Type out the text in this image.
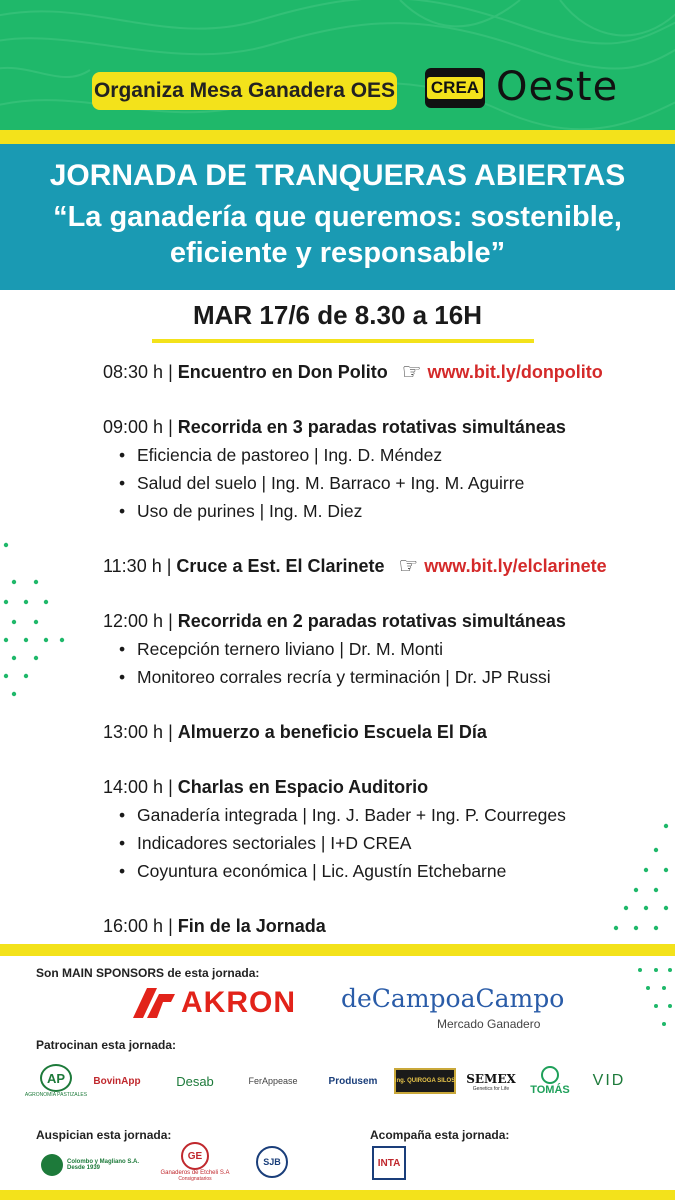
Organiza Mesa Ganadera OES CREA Oeste
JORNADA DE TRANQUERAS ABIERTAS
“La ganadería que queremos: sostenible,
eficiente y responsable”
MAR 17/6 de 8.30 a 16H
08:30 h | Encuentro en Don Polito ☞ www.bit.ly/donpolito
09:00 h | Recorrida en 3 paradas rotativas simultáneas
• Eficiencia de pastoreo | Ing. D. Méndez
• Salud del suelo | Ing. M. Barraco + Ing. M. Aguirre
• Uso de purines | Ing. M. Diez
11:30 h | Cruce a Est. El Clarinete ☞ www.bit.ly/elclarinete
12:00 h | Recorrida en 2 paradas rotativas simultáneas
• Recepción ternero liviano | Dr. M. Monti
• Monitoreo corrales recría y terminación | Dr. JP Russi
13:00 h | Almuerzo a beneficio Escuela El Día
14:00 h | Charlas en Espacio Auditorio
• Ganadería integrada | Ing. J. Bader + Ing. P. Courreges
• Indicadores sectoriales | I+D CREA
• Coyuntura económica | Lic. Agustín Etchebarne
16:00 h | Fin de la Jornada
Son MAIN SPONSORS de esta jornada:
AKRON deCampoaCampo
Mercado Ganadero
Patrocinan esta jornada:
AP
AGRONOMÍA PASTIZALES
BovinApp	Desab	FerAppease	Produsem	Ing. QUIROGA SILOS SEMEX
Genetics for Life TOMÁS
VID
Auspician esta jornada:	Acompaña esta jornada:
Colombo y Magliano S.A.
Desde 1939
GE
Ganaderos de Etcheli S.A
Consignatarios
SJB	INTA
